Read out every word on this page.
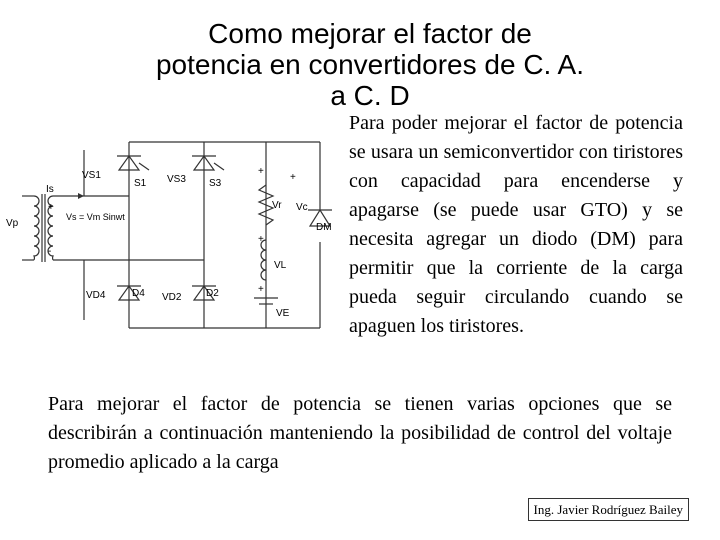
Como mejorar el factor de
potencia en convertidores de C. A.
a C. D
Vp
+
-
Is
Vs = Vm Sinwt
VS1
S1 VS3 S3
VD4	D4 VD2 D2
Vr
+
VL
+
VE
+
DM
Vc
+

Para poder mejorar el factor de potencia se usara un semiconvertidor con tiristores con capacidad para encenderse y apagarse (se puede usar GTO) y se necesita agregar un diodo (DM) para permitir que la corriente de la carga pueda seguir circulando cuando se apaguen los tiristores.

Para mejorar el factor de potencia se tienen varias opciones que se describirán a continuación manteniendo la posibilidad de control del voltaje promedio aplicado a la carga

Ing. Javier Rodríguez Bailey
